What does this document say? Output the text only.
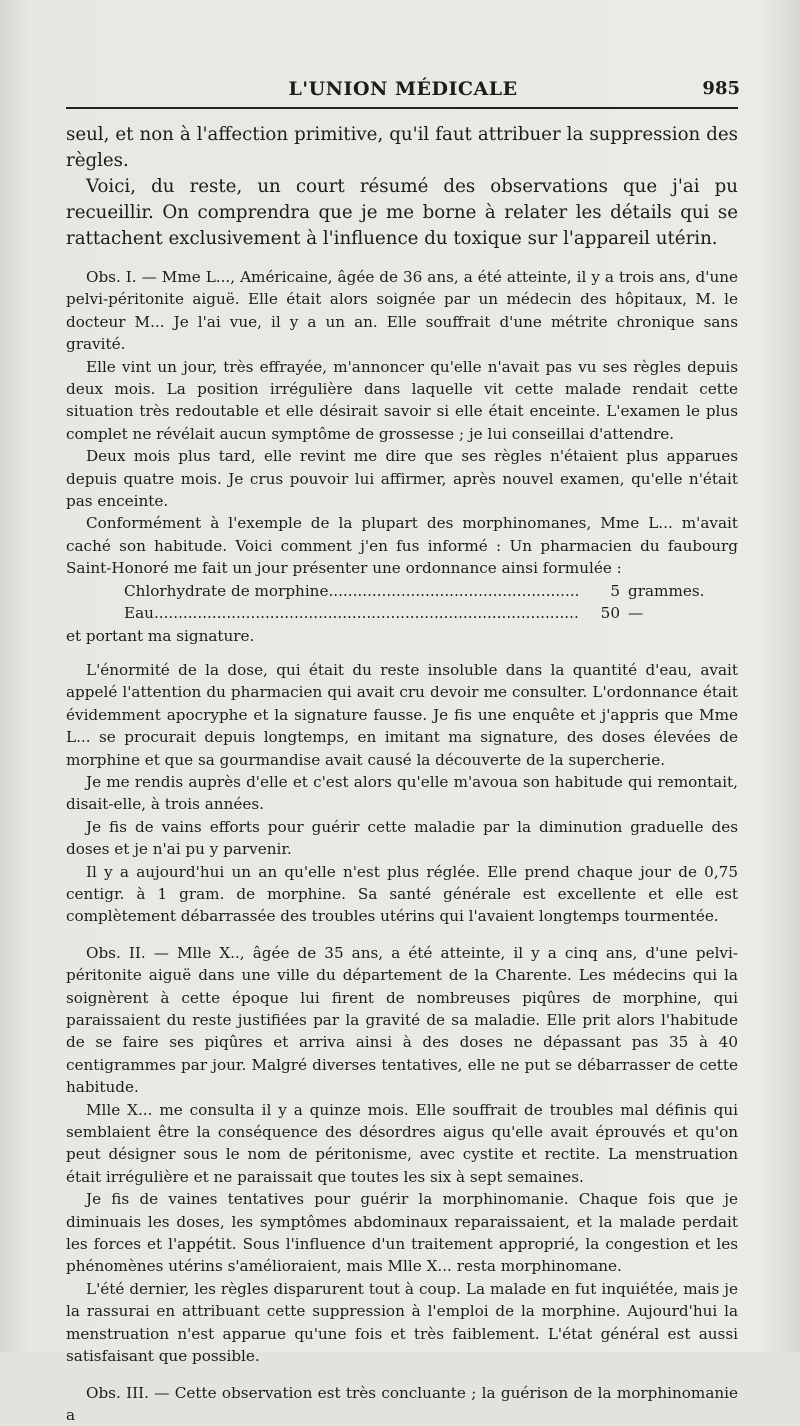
L'UNION MÉDICALE	985

seul, et non à l'affection primitive, qu'il faut attribuer la suppression des règles.

Voici, du reste, un court résumé des observations que j'ai pu recueillir. On comprendra que je me borne à relater les détails qui se rattachent exclusivement à l'influence du toxique sur l'appareil utérin.

Obs. I. — Mme L..., Américaine, âgée de 36 ans, a été atteinte, il y a trois ans, d'une pelvi-péritonite aiguë. Elle était alors soignée par un médecin des hôpitaux, M. le docteur M... Je l'ai vue, il y a un an. Elle souffrait d'une métrite chronique sans gravité.

Elle vint un jour, très effrayée, m'annoncer qu'elle n'avait pas vu ses règles depuis deux mois. La position irrégulière dans laquelle vit cette malade rendait cette situation très redoutable et elle désirait savoir si elle était enceinte. L'examen le plus complet ne révélait aucun symptôme de grossesse ; je lui conseillai d'attendre.

Deux mois plus tard, elle revint me dire que ses règles n'étaient plus apparues depuis quatre mois. Je crus pouvoir lui affirmer, après nouvel examen, qu'elle n'était pas enceinte.

Conformément à l'exemple de la plupart des morphinomanes, Mme L... m'avait caché son habitude. Voici comment j'en fus informé : Un pharmacien du faubourg Saint-Honoré me fait un jour présenter une ordonnance ainsi formulée :

Chlorhydrate de morphine .....	5 grammes.
Eau .....	50 —

et portant ma signature.

L'énormité de la dose, qui était du reste insoluble dans la quantité d'eau, avait appelé l'attention du pharmacien qui avait cru devoir me consulter. L'ordonnance était évidemment apocryphe et la signature fausse. Je fis une enquête et j'appris que Mme L... se procurait depuis longtemps, en imitant ma signature, des doses élevées de morphine et que sa gourmandise avait causé la découverte de la supercherie.

Je me rendis auprès d'elle et c'est alors qu'elle m'avoua son habitude qui remontait, disait-elle, à trois années.

Je fis de vains efforts pour guérir cette maladie par la diminution graduelle des doses et je n'ai pu y parvenir.

Il y a aujourd'hui un an qu'elle n'est plus réglée. Elle prend chaque jour de 0,75 centigr. à 1 gram. de morphine. Sa santé générale est excellente et elle est complètement débarrassée des troubles utérins qui l'avaient longtemps tourmentée.

Obs. II. — Mlle X.., âgée de 35 ans, a été atteinte, il y a cinq ans, d'une pelvi-péritonite aiguë dans une ville du département de la Charente. Les médecins qui la soignèrent à cette époque lui firent de nombreuses piqûres de morphine, qui paraissaient du reste justifiées par la gravité de sa maladie. Elle prit alors l'habitude de se faire ses piqûres et arriva ainsi à des doses ne dépassant pas 35 à 40 centigrammes par jour. Malgré diverses tentatives, elle ne put se débarrasser de cette habitude.

Mlle X... me consulta il y a quinze mois. Elle souffrait de troubles mal définis qui semblaient être la conséquence des désordres aigus qu'elle avait éprouvés et qu'on peut désigner sous le nom de péritonisme, avec cystite et rectite. La menstruation était irrégulière et ne paraissait que toutes les six à sept semaines.

Je fis de vaines tentatives pour guérir la morphinomanie. Chaque fois que je diminuais les doses, les symptômes abdominaux reparaissaient, et la malade perdait les forces et l'appétit. Sous l'influence d'un traitement approprié, la congestion et les phénomènes utérins s'amélioraient, mais Mlle X... resta morphinomane.

L'été dernier, les règles disparurent tout à coup. La malade en fut inquiétée, mais je la rassurai en attribuant cette suppression à l'emploi de la morphine. Aujourd'hui la menstruation n'est apparue qu'une fois et très faiblement. L'état général est aussi satisfaisant que possible.

Obs. III. — Cette observation est très concluante ; la guérison de la morphinomanie a
